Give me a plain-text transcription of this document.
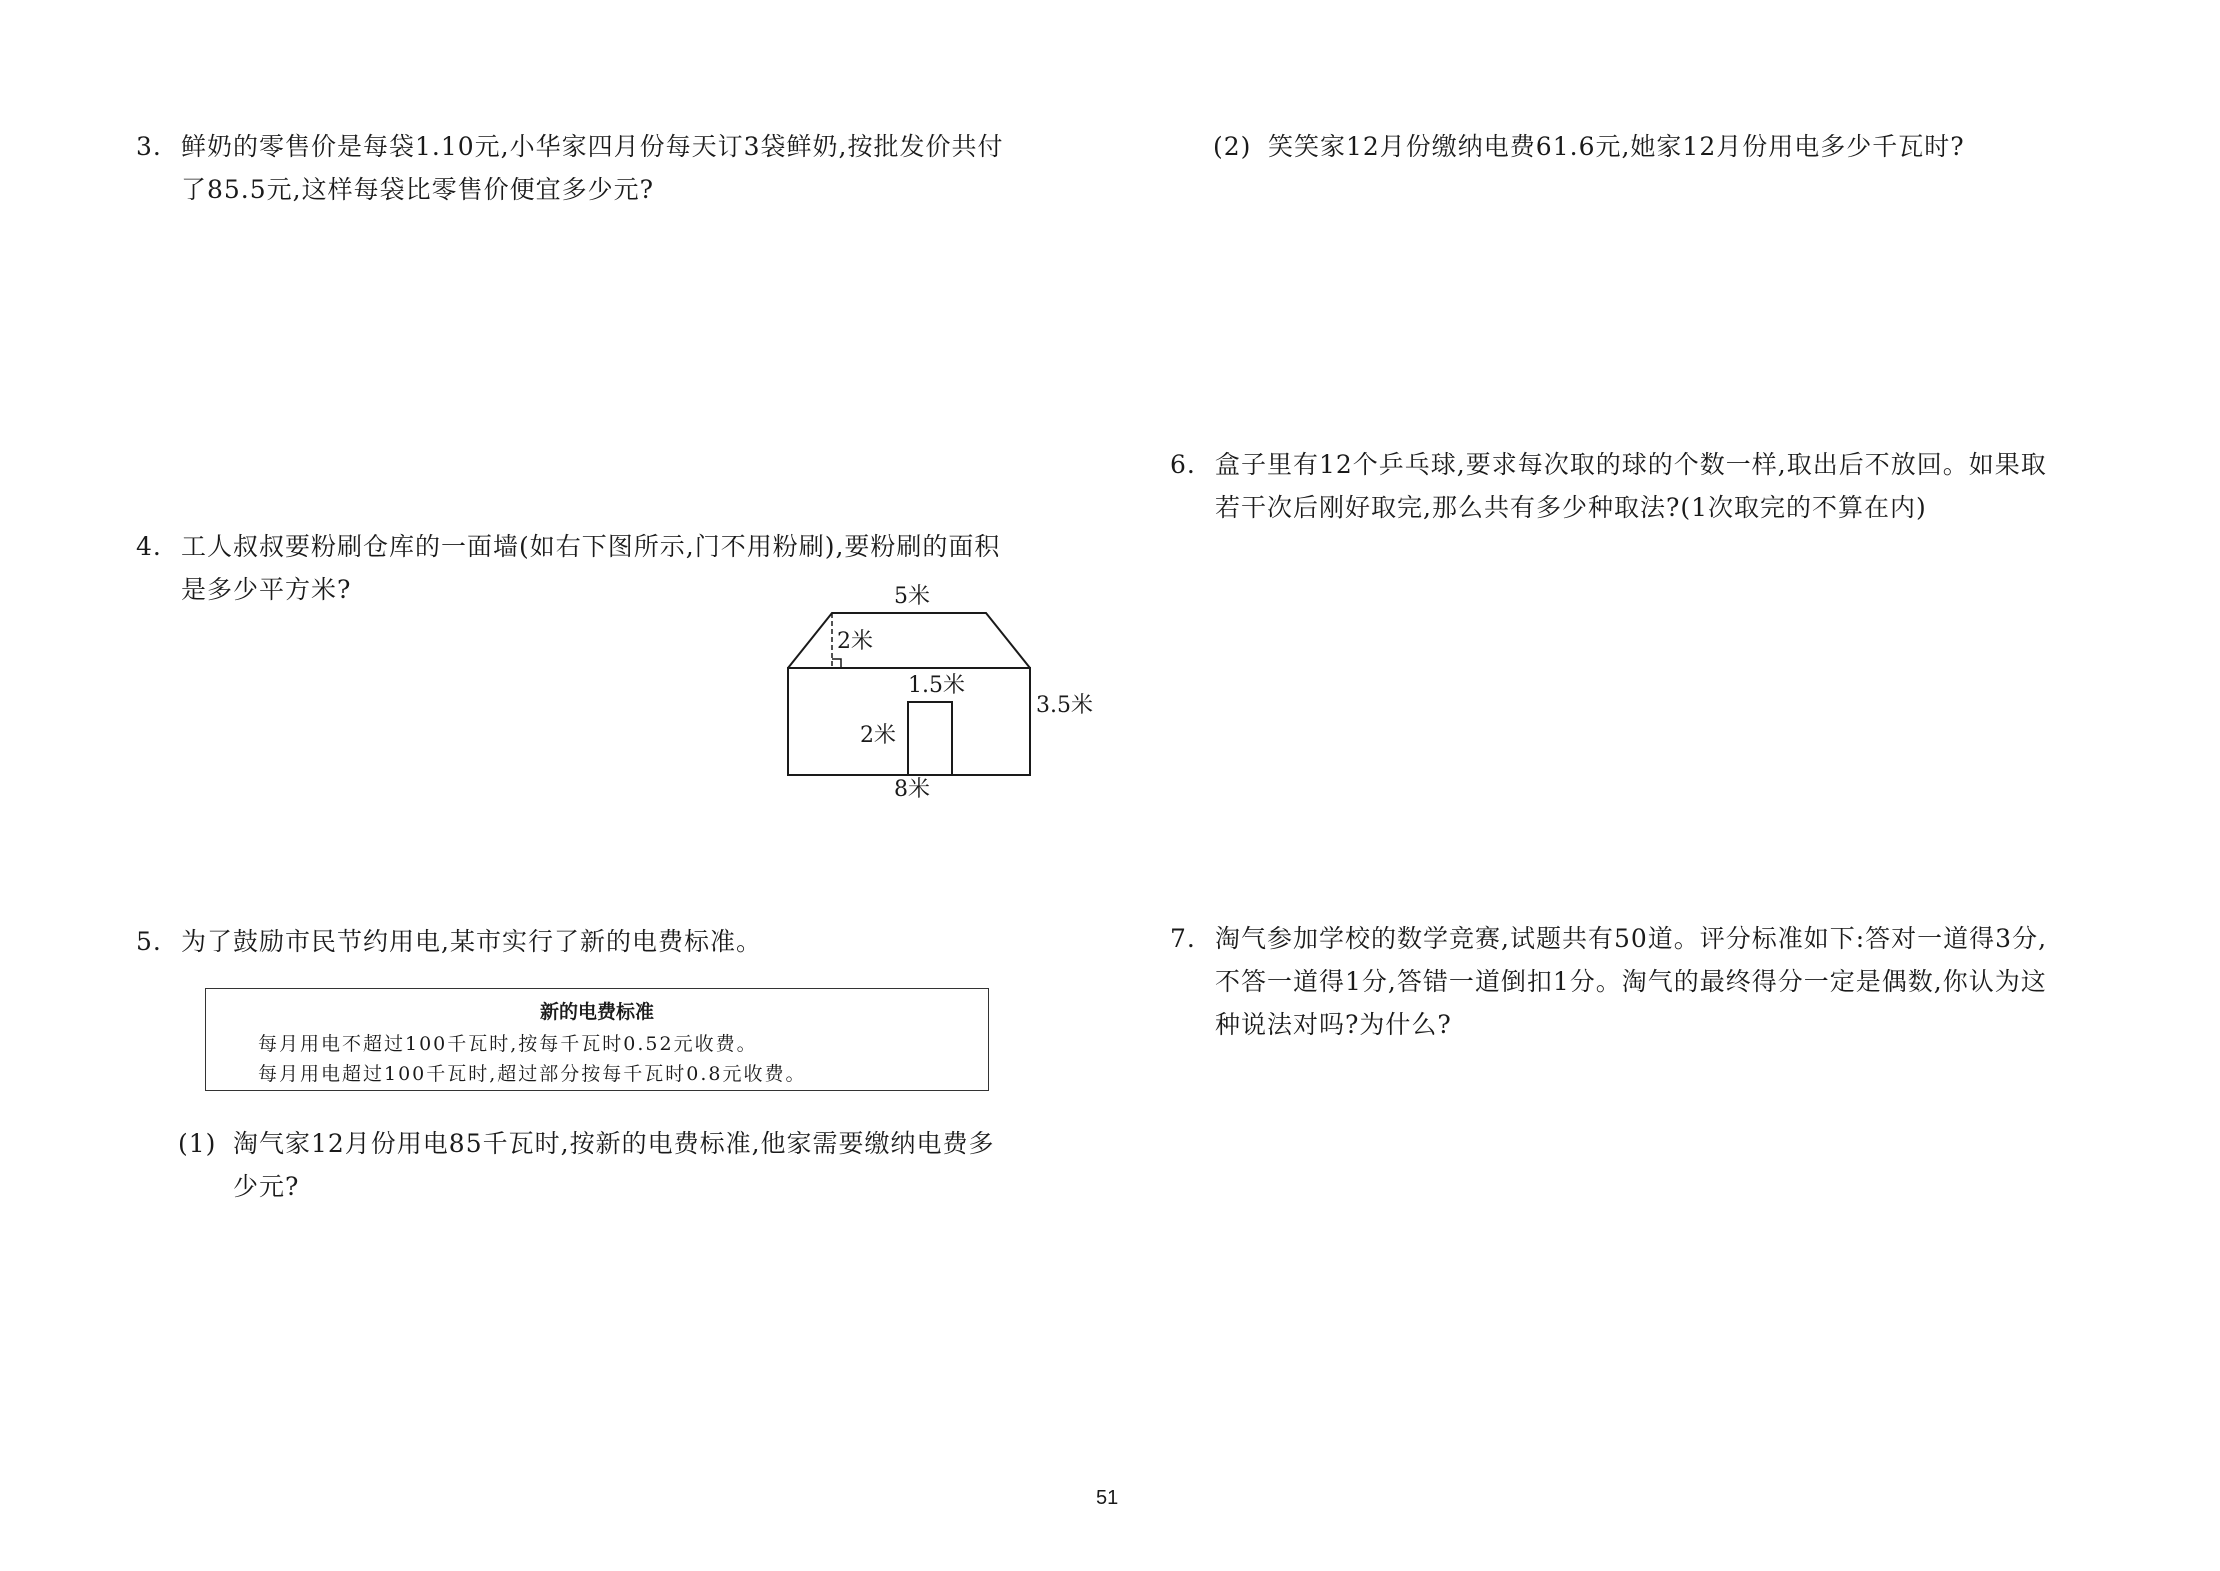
3. 鲜奶的零售价是每袋1.10元,小华家四月份每天订3袋鲜奶,按批发价共付
了85.5元,这样每袋比零售价便宜多少元?
4. 工人叔叔要粉刷仓库的一面墙(如右下图所示,门不用粉刷),要粉刷的面积
是多少平方米?	5米
2米
1.5米
2米
3.5米
8米
5. 为了鼓励市民节约用电,某市实行了新的电费标准。
新的电费标准
每月用电不超过100千瓦时,按每千瓦时0.52元收费。
每月用电超过100千瓦时,超过部分按每千瓦时0.8元收费。
(1) 淘气家12月份用电85千瓦时,按新的电费标准,他家需要缴纳电费多
少元?
(2) 笑笑家12月份缴纳电费61.6元,她家12月份用电多少千瓦时?
6. 盒子里有12个乒乓球,要求每次取的球的个数一样,取出后不放回。如果取
若干次后刚好取完,那么共有多少种取法?(1次取完的不算在内)
7. 淘气参加学校的数学竞赛,试题共有50道。评分标准如下:答对一道得3分,
不答一道得1分,答错一道倒扣1分。淘气的最终得分一定是偶数,你认为这
种说法对吗?为什么?
51
